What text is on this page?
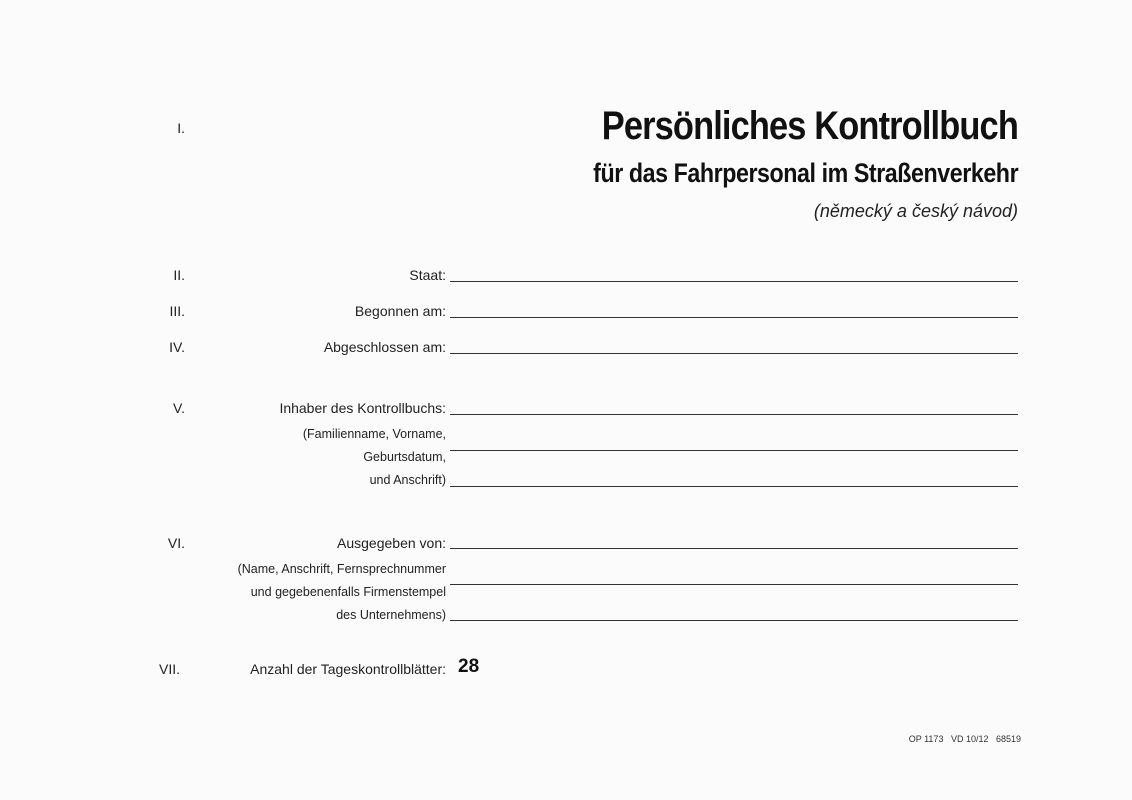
I.	Persönliches Kontrollbuch
für das Fahrpersonal im Straßenverkehr
(německý a český návod)
II.	Staat:
III.	Begonnen am:
IV.	Abgeschlossen am:
V.	Inhaber des Kontrollbuchs:
(Familienname, Vorname,
Geburtsdatum,
und Anschrift)
VI.	Ausgegeben von:
(Name, Anschrift, Fernsprechnummer
und gegebenenfalls Firmenstempel
des Unternehmens)
VII.	Anzahl der Tageskontrollblätter: 28
OP 1173   VD 10/12   68519
